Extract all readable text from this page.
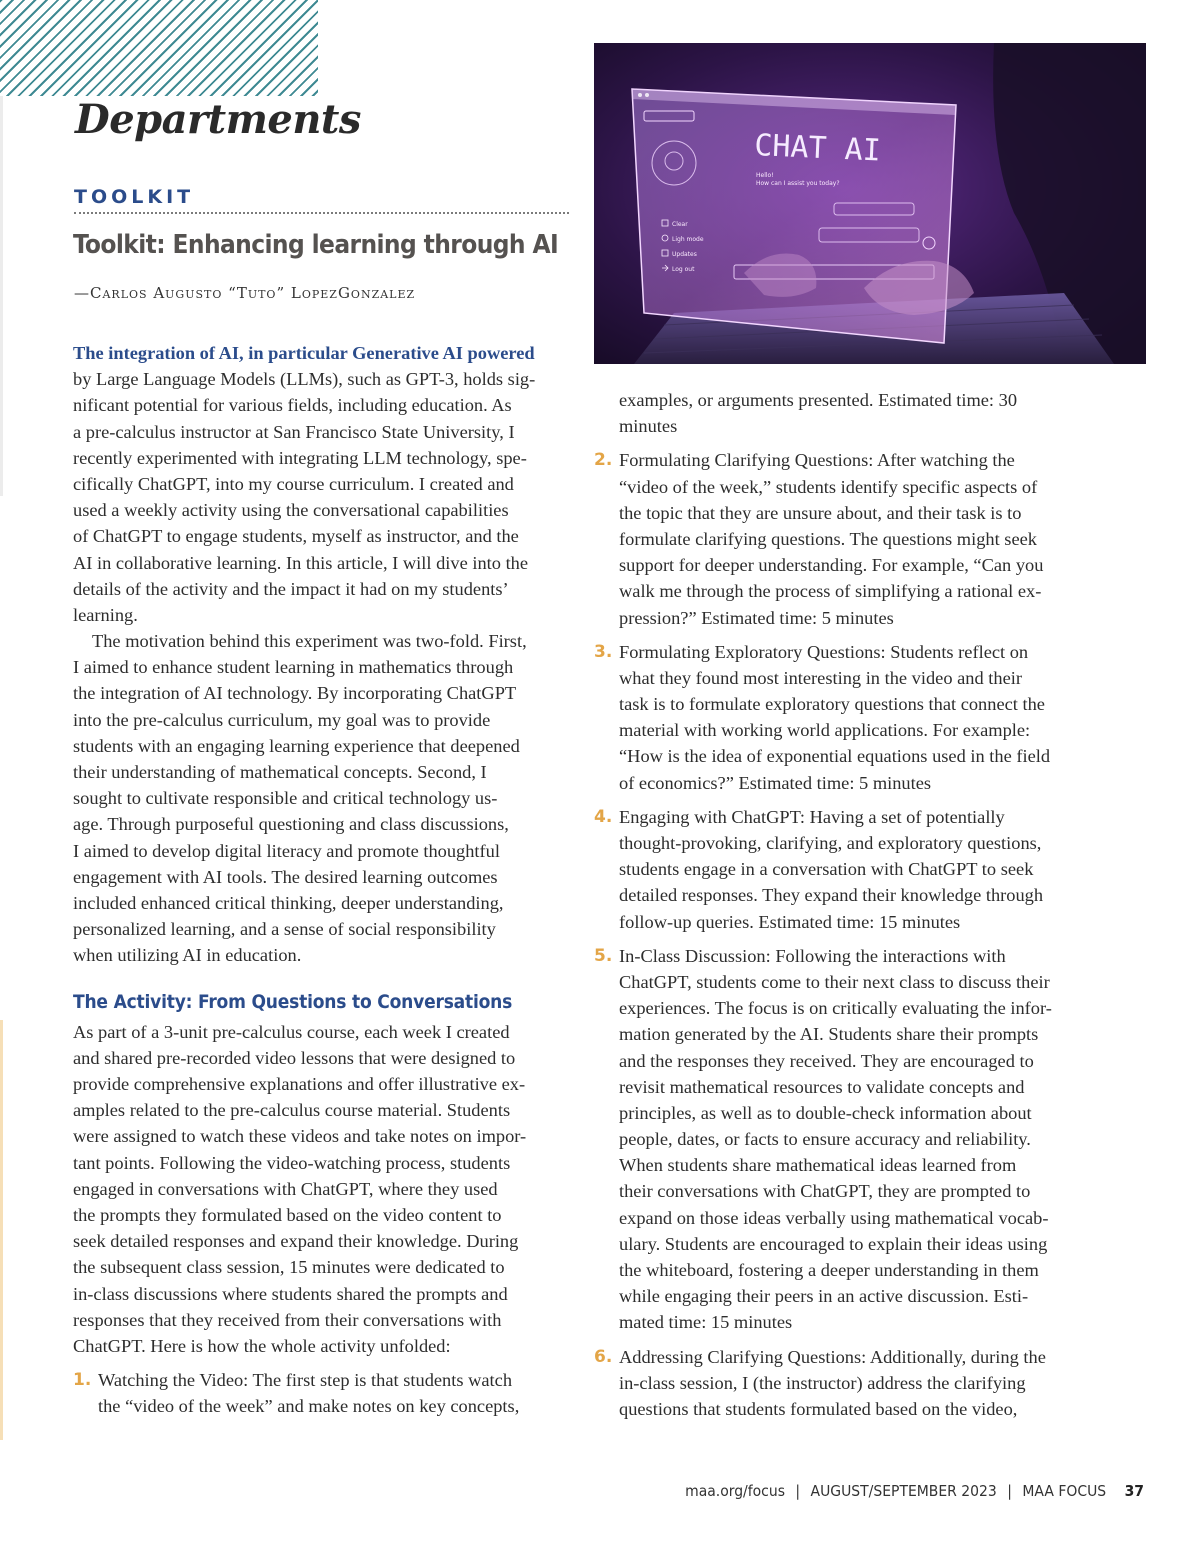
Departments
TOOLKIT
Toolkit: Enhancing learning through AI
—Carlos Augusto “Tuto” LopezGonzalez
CHAT AI
Hello!
How can I assist you today?
Clear
Ligh mode
Updates
Log out
The integration of AI, in particular Generative AI powered
by Large Language Models (LLMs), such as GPT-3, holds sig-
nificant potential for various fields, including education. As
a pre-calculus instructor at San Francisco State University, I
recently experimented with integrating LLM technology, spe-
cifically ChatGPT, into my course curriculum. I created and
used a weekly activity using the conversational capabilities
of ChatGPT to engage students, myself as instructor, and the
AI in collaborative learning. In this article, I will dive into the
details of the activity and the impact it had on my students’
learning.
The motivation behind this experiment was two-fold. First,
I aimed to enhance student learning in mathematics through
the integration of AI technology. By incorporating ChatGPT
into the pre-calculus curriculum, my goal was to provide
students with an engaging learning experience that deepened
their understanding of mathematical concepts. Second, I
sought to cultivate responsible and critical technology us-
age. Through purposeful questioning and class discussions,
I aimed to develop digital literacy and promote thoughtful
engagement with AI tools. The desired learning outcomes
included enhanced critical thinking, deeper understanding,
personalized learning, and a sense of social responsibility
when utilizing AI in education.
The Activity: From Questions to Conversations
As part of a 3-unit pre-calculus course, each week I created
and shared pre-recorded video lessons that were designed to
provide comprehensive explanations and offer illustrative ex-
amples related to the pre-calculus course material. Students
were assigned to watch these videos and take notes on impor-
tant points. Following the video-watching process, students
engaged in conversations with ChatGPT, where they used
the prompts they formulated based on the video content to
seek detailed responses and expand their knowledge. During
the subsequent class session, 15 minutes were dedicated to
in-class discussions where students shared the prompts and
responses that they received from their conversations with
ChatGPT. Here is how the whole activity unfolded:
1. Watching the Video: The first step is that students watch
the “video of the week” and make notes on key concepts,
examples, or arguments presented. Estimated time: 30
minutes
2. Formulating Clarifying Questions: After watching the
“video of the week,” students identify specific aspects of
the topic that they are unsure about, and their task is to
formulate clarifying questions. The questions might seek
support for deeper understanding. For example, “Can you
walk me through the process of simplifying a rational ex-
pression?” Estimated time: 5 minutes
3. Formulating Exploratory Questions: Students reflect on
what they found most interesting in the video and their
task is to formulate exploratory questions that connect the
material with working world applications. For example:
“How is the idea of exponential equations used in the field
of economics?” Estimated time: 5 minutes
4. Engaging with ChatGPT: Having a set of potentially
thought-provoking, clarifying, and exploratory questions,
students engage in a conversation with ChatGPT to seek
detailed responses. They expand their knowledge through
follow-up queries. Estimated time: 15 minutes
5. In-Class Discussion: Following the interactions with
ChatGPT, students come to their next class to discuss their
experiences. The focus is on critically evaluating the infor-
mation generated by the AI. Students share their prompts
and the responses they received. They are encouraged to
revisit mathematical resources to validate concepts and
principles, as well as to double-check information about
people, dates, or facts to ensure accuracy and reliability.
When students share mathematical ideas learned from
their conversations with ChatGPT, they are prompted to
expand on those ideas verbally using mathematical vocab-
ulary. Students are encouraged to explain their ideas using
the whiteboard, fostering a deeper understanding in them
while engaging their peers in an active discussion. Esti-
mated time: 15 minutes
6. Addressing Clarifying Questions: Additionally, during the
in-class session, I (the instructor) address the clarifying
questions that students formulated based on the video,
maa.org/focus | AUGUST/SEPTEMBER 2023 | MAA FOCUS 37
